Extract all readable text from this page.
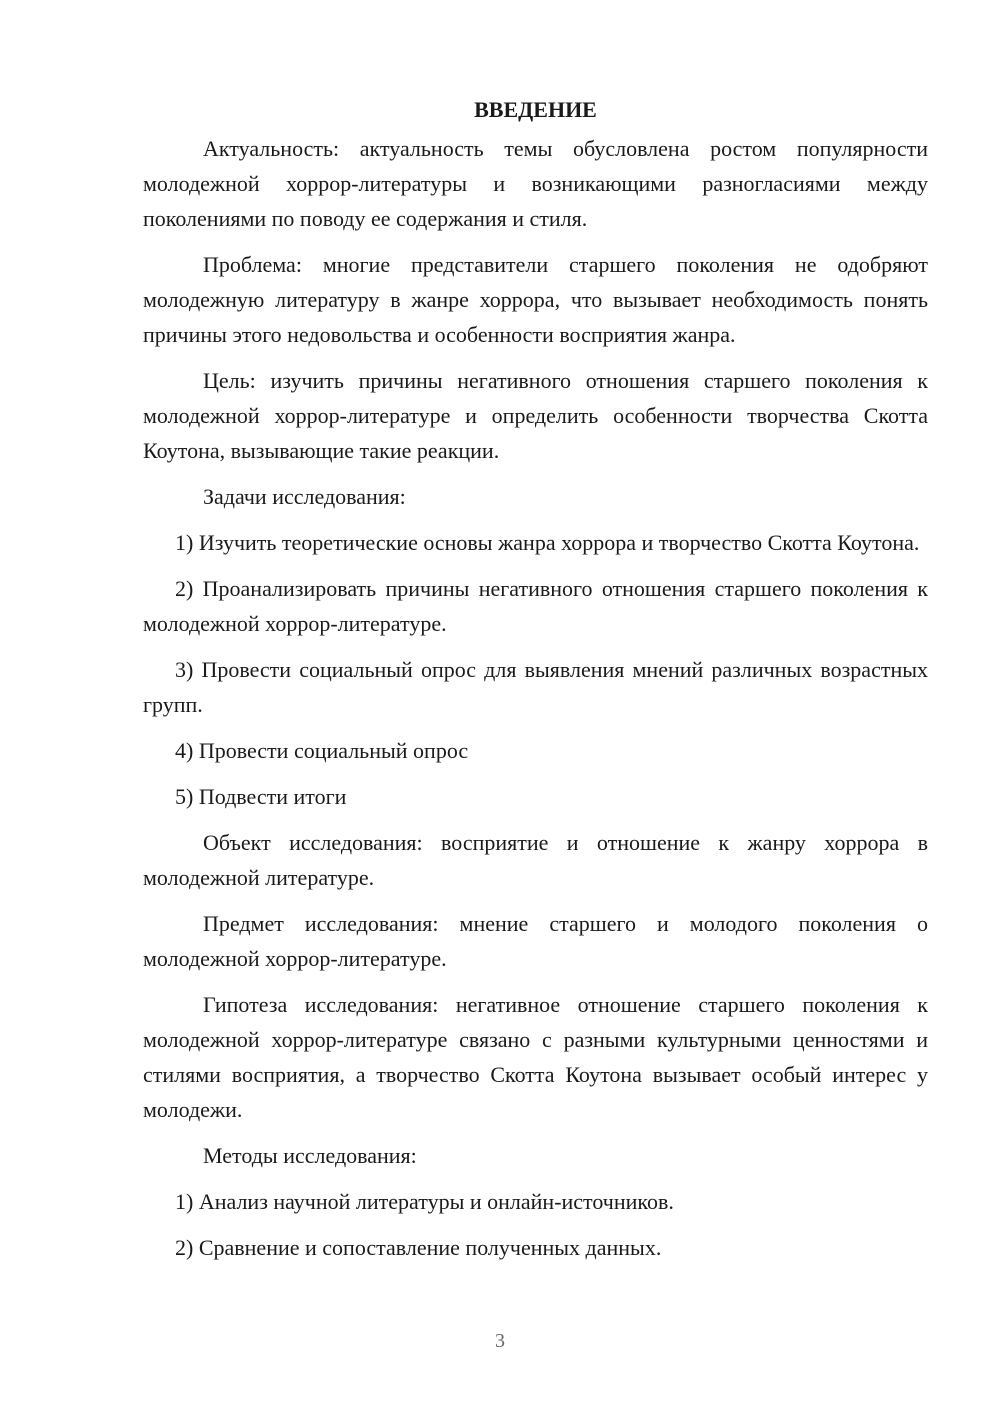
ВВЕДЕНИЕ

Актуальность: актуальность темы обусловлена ростом популярности молодежной хоррор-литературы и возникающими разногласиями между поколениями по поводу ее содержания и стиля.

Проблема: многие представители старшего поколения не одобряют молодежную литературу в жанре хоррора, что вызывает необходимость понять причины этого недовольства и особенности восприятия жанра.

Цель: изучить причины негативного отношения старшего поколения к молодежной хоррор-литературе и определить особенности творчества Скотта Коутона, вызывающие такие реакции.

Задачи исследования:

1) Изучить теоретические основы жанра хоррора и творчество Скотта Коутона.

2) Проанализировать причины негативного отношения старшего поколения к молодежной хоррор-литературе.

3) Провести социальный опрос для выявления мнений различных возрастных групп.

4) Провести социальный опрос

5) Подвести итоги

Объект исследования: восприятие и отношение к жанру хоррора в молодежной литературе.

Предмет исследования: мнение старшего и молодого поколения о молодежной хоррор-литературе.

Гипотеза исследования: негативное отношение старшего поколения к молодежной хоррор-литературе связано с разными культурными ценностями и стилями восприятия, а творчество Скотта Коутона вызывает особый интерес у молодежи.

Методы исследования:

1) Анализ научной литературы и онлайн-источников.

2) Сравнение и сопоставление полученных данных.

3
